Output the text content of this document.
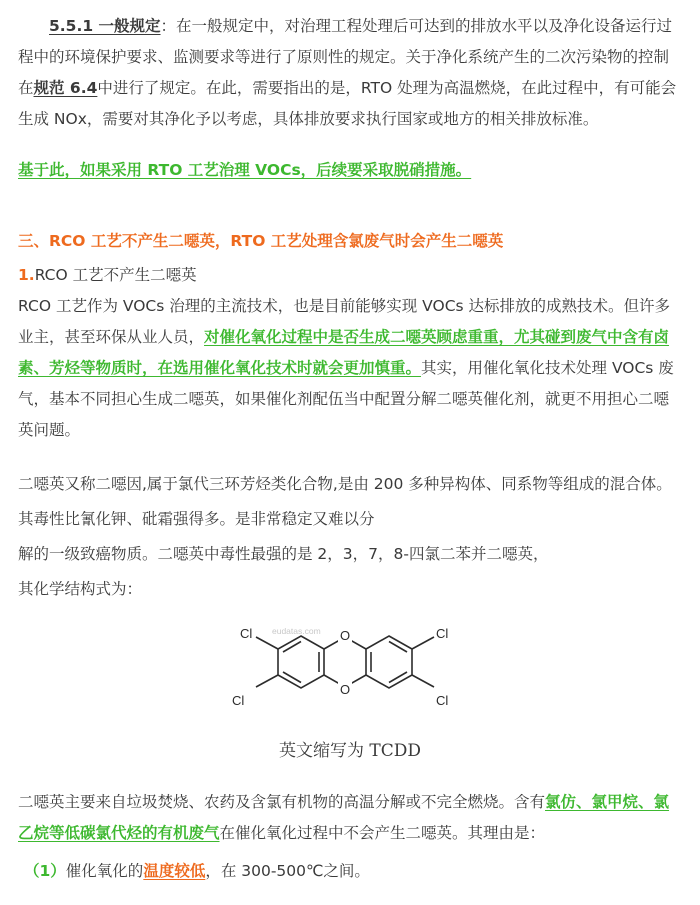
5.5.1 一般规定：在一般规定中，对治理工程处理后可达到的排放水平以及净化设备运行过程中的环境保护要求、监测要求等进行了原则性的规定。关于净化系统产生的二次污染物的控制在规范 6.4中进行了规定。在此，需要指出的是，RTO 处理为高温燃烧，在此过程中，有可能会生成 NOx，需要对其净化予以考虑，具体排放要求执行国家或地方的相关排放标准。

基于此，如果采用 RTO 工艺治理 VOCs，后续要采取脱硝措施。

三、RCO 工艺不产生二噁英，RTO 工艺处理含氯废气时会产生二噁英

1.RCO 工艺不产生二噁英

RCO 工艺作为 VOCs 治理的主流技术，也是目前能够实现 VOCs 达标排放的成熟技术。但许多业主，甚至环保从业人员，对催化氧化过程中是否生成二噁英顾虑重重，尤其碰到废气中含有卤素、芳烃等物质时，在选用催化氧化技术时就会更加慎重。其实，用催化氧化技术处理 VOCs 废气，基本不同担心生成二噁英，如果催化剂配伍当中配置分解二噁英催化剂，就更不用担心二噁英问题。

二噁英又称二噁因,属于氯代三环芳烃类化合物,是由 200 多种异构体、同系物等组成的混合体。

其毒性比氰化钾、砒霜强得多。是非常稳定又难以分

解的一级致癌物质。二噁英中毒性最强的是 2，3，7，8-四氯二苯并二噁英，

其化学结构式为：

O
O
Cl
Cl
Cl
Cl
eudatas.com
英文缩写为 TCDD

二噁英主要来自垃圾焚烧、农药及含氯有机物的高温分解或不完全燃烧。含有氯仿、氯甲烷、氯乙烷等低碳氯代烃的有机废气在催化氧化过程中不会产生二噁英。其理由是：

（1）催化氧化的温度较低，在 300-500℃之间。
